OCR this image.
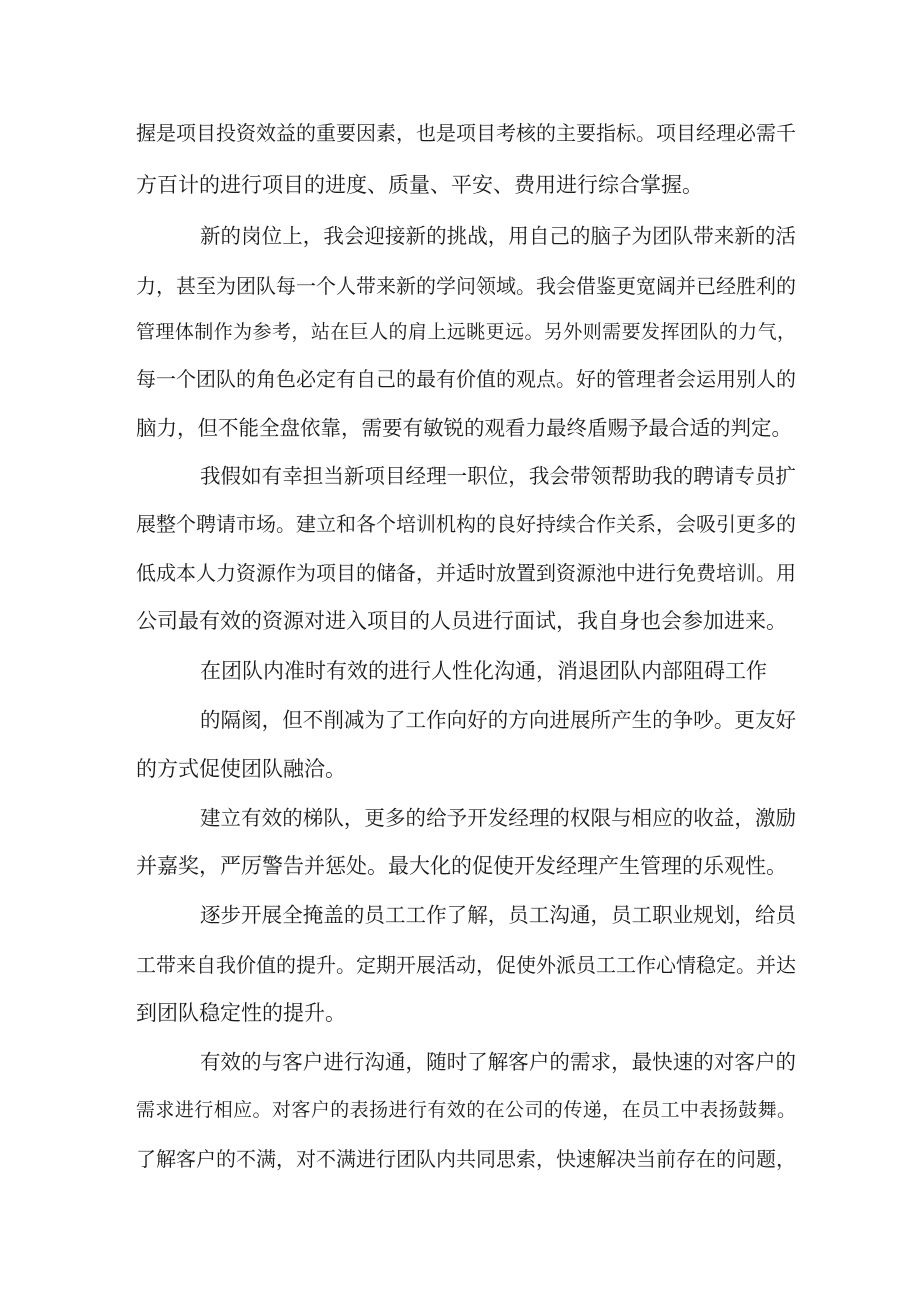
握是项目投资效益的重要因素，也是项目考核的主要指标。项目经理必需千
方百计的进行项目的进度、质量、平安、费用进行综合掌握。
新的岗位上，我会迎接新的挑战，用自己的脑子为团队带来新的活
力，甚至为团队每一个人带来新的学问领域。我会借鉴更宽阔并已经胜利的
管理体制作为参考，站在巨人的肩上远眺更远。另外则需要发挥团队的力气，
每一个团队的角色必定有自己的最有价值的观点。好的管理者会运用别人的
脑力，但不能全盘依靠，需要有敏锐的观看力最终盾赐予最合适的判定。
我假如有幸担当新项目经理一职位，我会带领帮助我的聘请专员扩
展整个聘请市场。建立和各个培训机构的良好持续合作关系，会吸引更多的
低成本人力资源作为项目的储备，并适时放置到资源池中进行免费培训。用
公司最有效的资源对进入项目的人员进行面试，我自身也会参加进来。
在团队内准时有效的进行人性化沟通，消退团队内部阻碍工作
的隔阂，但不削减为了工作向好的方向进展所产生的争吵。更友好
的方式促使团队融洽。
建立有效的梯队，更多的给予开发经理的权限与相应的收益，激励
并嘉奖，严厉警告并惩处。最大化的促使开发经理产生管理的乐观性。
逐步开展全掩盖的员工工作了解，员工沟通，员工职业规划，给员
工带来自我价值的提升。定期开展活动，促使外派员工工作心情稳定。并达
到团队稳定性的提升。
有效的与客户进行沟通，随时了解客户的需求，最快速的对客户的
需求进行相应。对客户的表扬进行有效的在公司的传递，在员工中表扬鼓舞。
了解客户的不满，对不满进行团队内共同思索，快速解决当前存在的问题，
